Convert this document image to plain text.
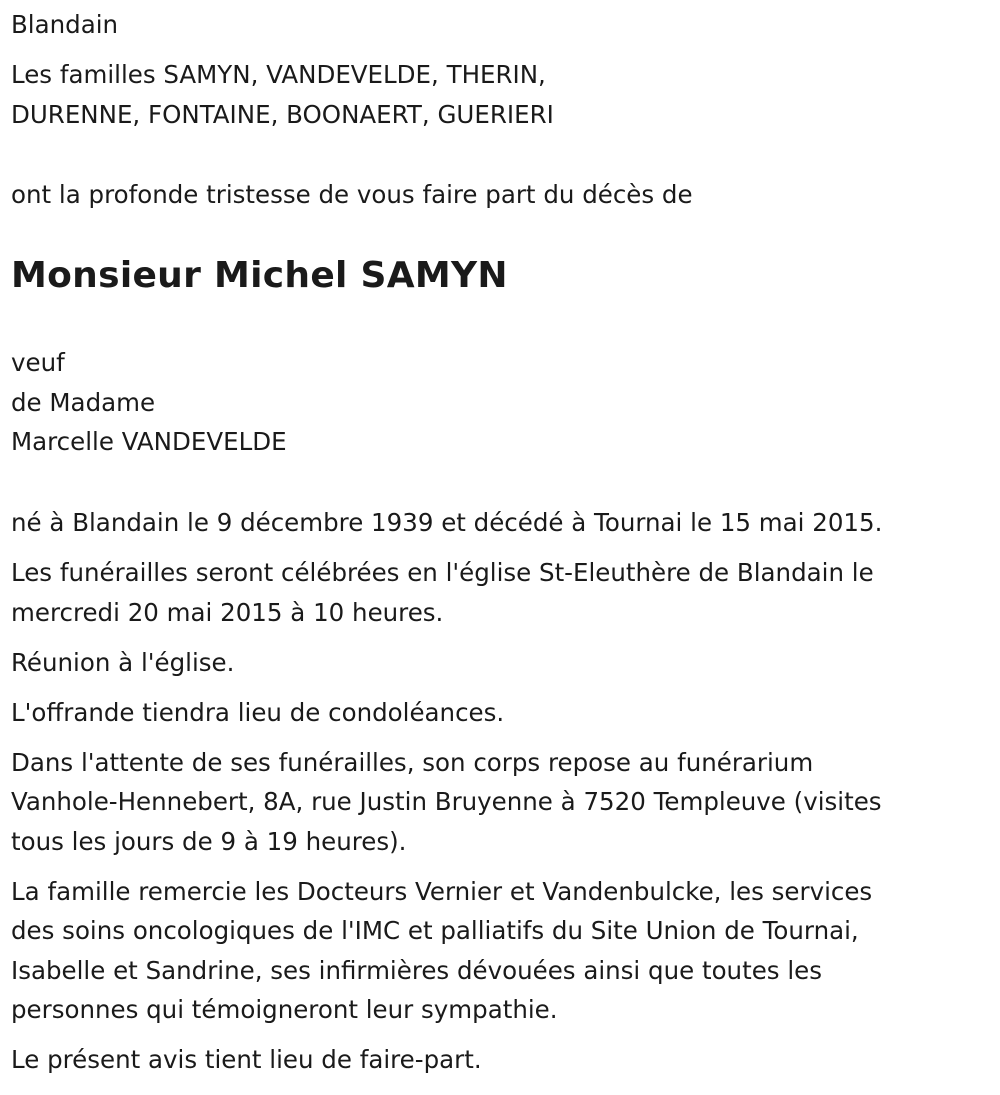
Blandain

Les familles SAMYN, VANDEVELDE, THERIN,
DURENNE, FONTAINE, BOONAERT, GUERIERI

ont la profonde tristesse de vous faire part du décès de

Monsieur Michel SAMYN
veuf
de Madame
Marcelle VANDEVELDE
né à Blandain le 9 décembre 1939 et décédé à Tournai le 15 mai 2015.
Les funérailles seront célébrées en l'église St-Eleuthère de Blandain le
mercredi 20 mai 2015 à 10 heures.
Réunion à l'église.
L'offrande tiendra lieu de condoléances.
Dans l'attente de ses funérailles, son corps repose au funérarium
Vanhole-Hennebert, 8A, rue Justin Bruyenne à 7520 Templeuve (visites
tous les jours de 9 à 19 heures).
La famille remercie les Docteurs Vernier et Vandenbulcke, les services
des soins oncologiques de l'IMC et palliatifs du Site Union de Tournai,
Isabelle et Sandrine, ses infirmières dévouées ainsi que toutes les
personnes qui témoigneront leur sympathie.
Le présent avis tient lieu de faire-part.
